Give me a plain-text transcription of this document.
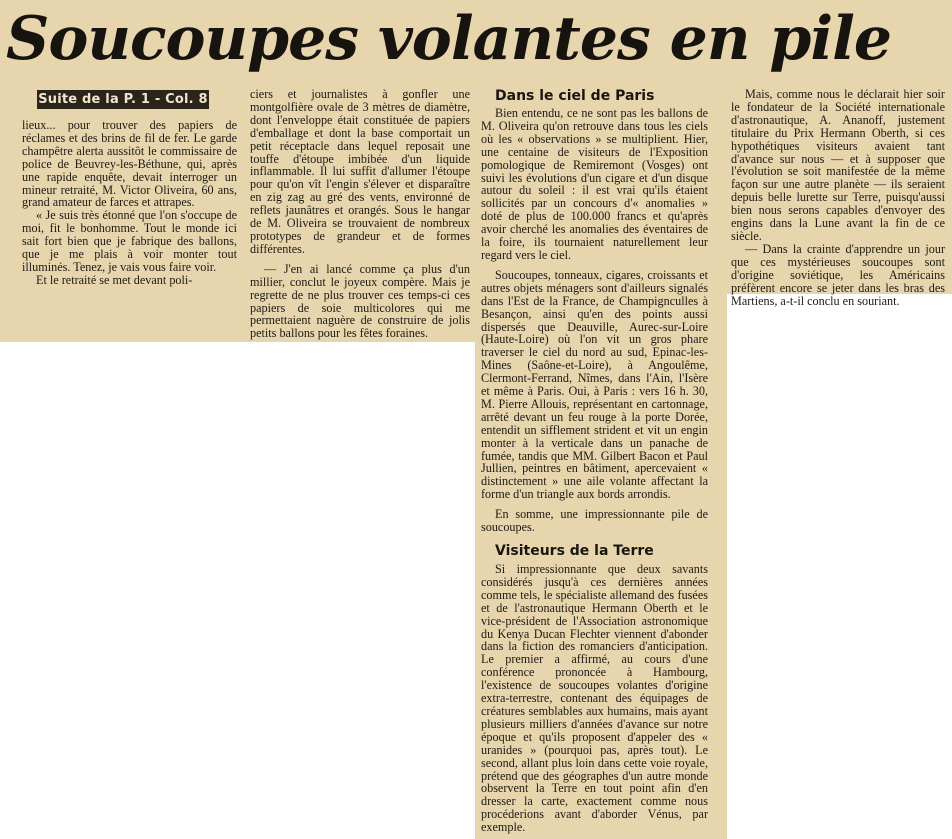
Soucoupes volantes en pile
Suite de la P. 1 - Col. 8

lieux... pour trouver des papiers de réclames et des brins de fil de fer. Le garde champêtre alerta aussitôt le commissaire de police de Beuvrey-les-Béthune, qui, après une rapide enquête, devait interroger un mineur retraité, M. Victor Oliveira, 60 ans, grand amateur de farces et attrapes.

« Je suis très étonné que l'on s'occupe de moi, fit le bonhomme. Tout le monde ici sait fort bien que je fabrique des ballons, que je me plais à voir monter tout illuminés. Tenez, je vais vous faire voir.

Et le retraité se met devant poli-

ciers et journalistes à gonfler une montgolfière ovale de 3 mètres de diamètre, dont l'enveloppe était constituée de papiers d'emballage et dont la base comportait un petit réceptacle dans lequel reposait une touffe d'étoupe imbibée d'un liquide inflammable. Il lui suffit d'allumer l'étoupe pour qu'on vît l'engin s'élever et disparaître en zig zag au gré des vents, environné de reflets jaunâtres et orangés. Sous le hangar de M. Oliveira se trouvaient de nombreux prototypes de grandeur et de formes différentes.

— J'en ai lancé comme ça plus d'un millier, conclut le joyeux compère. Mais je regrette de ne plus trouver ces temps-ci ces papiers de soie multicolores qui me permettaient naguère de construire de jolis petits ballons pour les fêtes foraines.

Dans le ciel de Paris

Bien entendu, ce ne sont pas les ballons de M. Oliveira qu'on retrouve dans tous les ciels où les « observations » se multiplient. Hier, une centaine de visiteurs de l'Exposition pomologique de Remiremont (Vosges) ont suivi les évolutions d'un cigare et d'un disque autour du soleil : il est vrai qu'ils étaient sollicités par un concours d'« anomalies » doté de plus de 100.000 francs et qu'après avoir cherché les anomalies des éventaires de la foire, ils tournaient naturellement leur regard vers le ciel.

Soucoupes, tonneaux, cigares, croissants et autres objets ménagers sont d'ailleurs signalés dans l'Est de la France, de Champignculles à Besançon, ainsi qu'en des points aussi dispersés que Deauville, Aurec-sur-Loire (Haute-Loire) où l'on vit un gros phare traverser le ciel du nord au sud, Epinac-les-Mines (Saône-et-Loire), à Angoulême, Clermont-Ferrand, Nîmes, dans l'Ain, l'Isère et même à Paris. Oui, à Paris : vers 16 h. 30, M. Pierre Allouis, représentant en cartonnage, arrêté devant un feu rouge à la porte Dorée, entendit un sifflement strident et vit un engin monter à la verticale dans un panache de fumée, tandis que MM. Gilbert Bacon et Paul Jullien, peintres en bâtiment, apercevaient « distinctement » une aile volante affectant la forme d'un triangle aux bords arrondis.

En somme, une impressionnante pile de soucoupes.

Visiteurs de la Terre

Si impressionnante que deux savants considérés jusqu'à ces dernières années comme tels, le spécialiste allemand des fusées et de l'astronautique Hermann Oberth et le vice-président de l'Association astronomique du Kenya Ducan Flechter viennent d'abonder dans la fiction des romanciers d'anticipation. Le premier a affirmé, au cours d'une conférence prononcée à Hambourg, l'existence de soucoupes volantes d'origine extra-terrestre, contenant des équipages de créatures semblables aux humains, mais ayant plusieurs milliers d'années d'avance sur notre époque et qu'ils proposent d'appeler des « uranides » (pourquoi pas, après tout). Le second, allant plus loin dans cette voie royale, prétend que des géographes d'un autre monde observent la Terre en tout point afin d'en dresser la carte, exactement comme nous procéderions avant d'aborder Vénus, par exemple.

Mais, comme nous le déclarait hier soir le fondateur de la Société internationale d'astronautique, A. Ananoff, justement titulaire du Prix Hermann Oberth, si ces hypothétiques visiteurs avaient tant d'avance sur nous — et à supposer que l'évolution se soit manifestée de la même façon sur une autre planète — ils seraient depuis belle lurette sur Terre, puisqu'aussi bien nous serons capables d'envoyer des engins dans la Lune avant la fin de ce siècle.

— Dans la crainte d'apprendre un jour que ces mystérieuses soucoupes sont d'origine soviétique, les Américains préfèrent encore se jeter dans les bras des Martiens, a-t-il conclu en souriant.
